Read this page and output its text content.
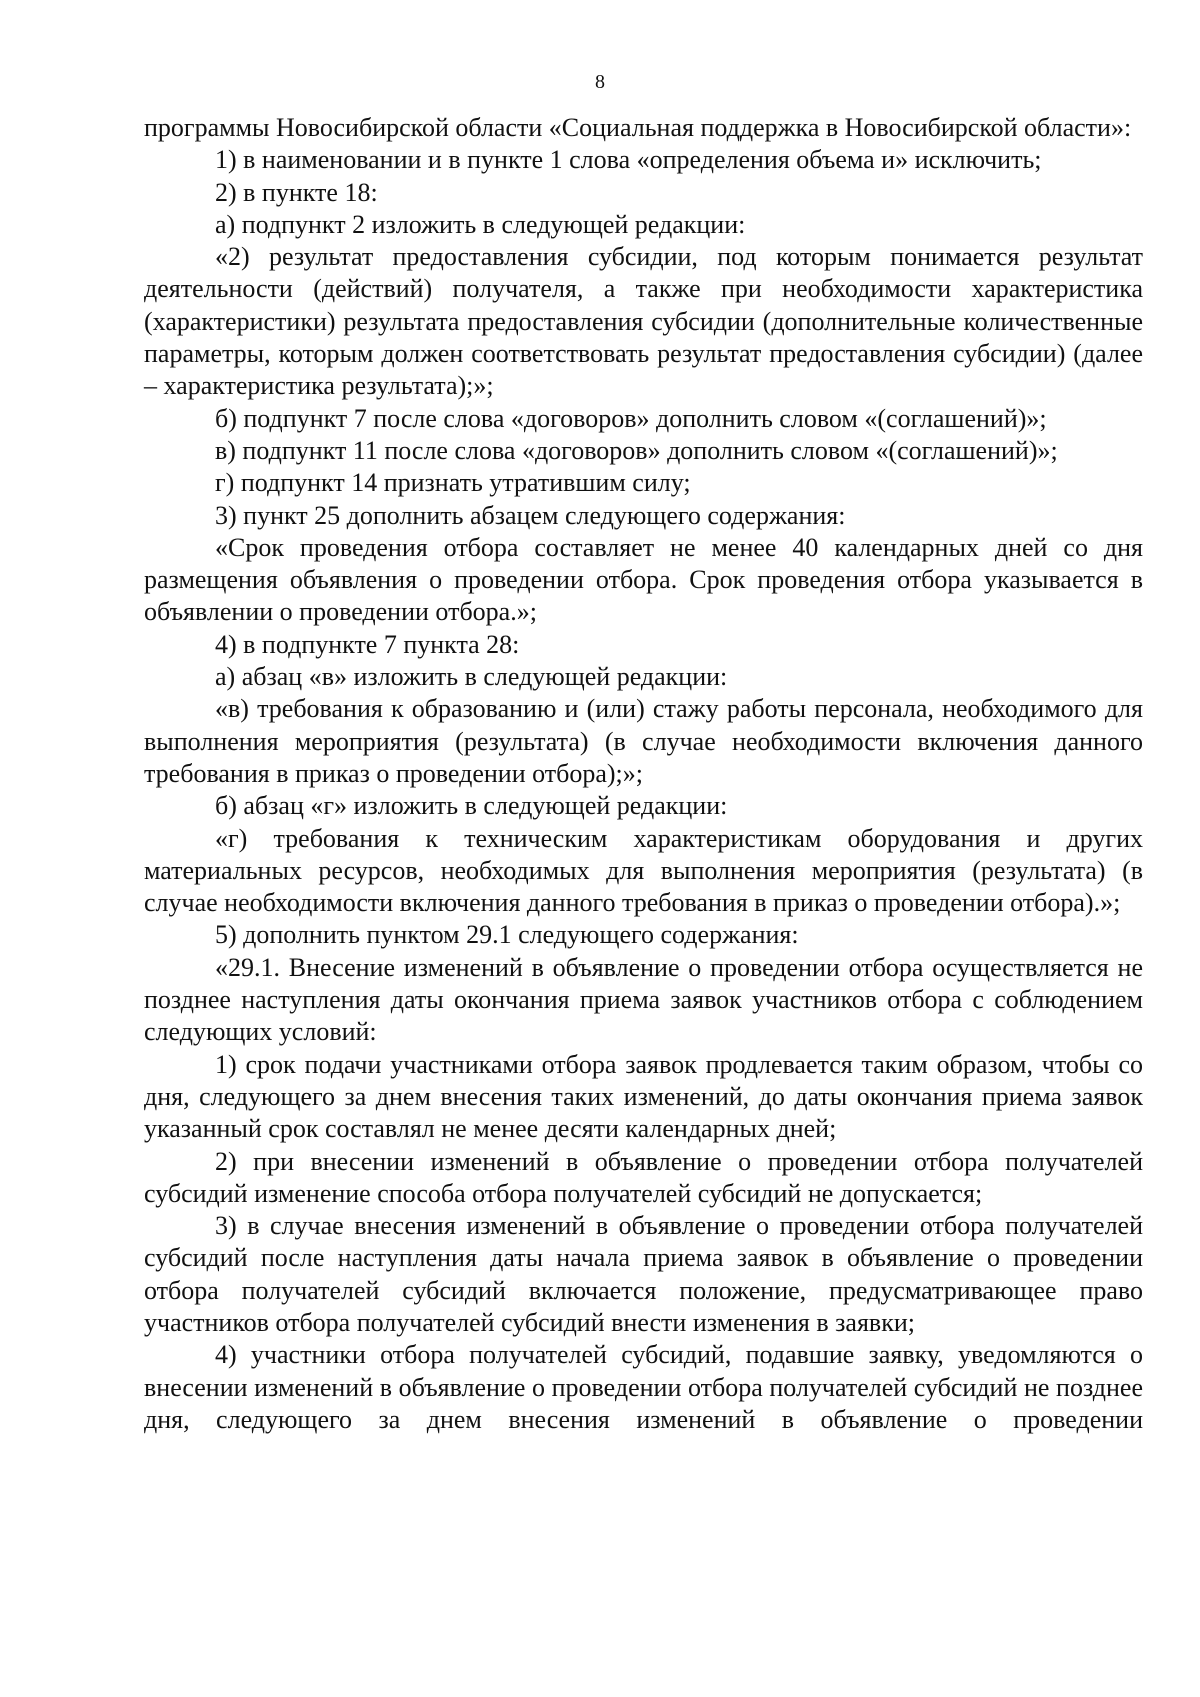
8

программы Новосибирской области «Социальная поддержка в Новосибирской области»:

1) в наименовании и в пункте 1 слова «определения объема и» исключить;

2) в пункте 18:

а) подпункт 2 изложить в следующей редакции:

«2) результат предоставления субсидии, под которым понимается результат деятельности (действий) получателя, а также при необходимости характеристика (характеристики) результата предоставления субсидии (дополнительные количественные параметры, которым должен соответствовать результат предоставления субсидии) (далее – характеристика результата);»;

б) подпункт 7 после слова «договоров» дополнить словом «(соглашений)»;

в) подпункт 11 после слова «договоров» дополнить словом «(соглашений)»;

г) подпункт 14 признать утратившим силу;

3) пункт 25 дополнить абзацем следующего содержания:

«Срок проведения отбора составляет не менее 40 календарных дней со дня размещения объявления о проведении отбора. Срок проведения отбора указывается в объявлении о проведении отбора.»;

4) в подпункте 7 пункта 28:

а) абзац «в» изложить в следующей редакции:

«в) требования к образованию и (или) стажу работы персонала, необходимого для выполнения мероприятия (результата) (в случае необходимости включения данного требования в приказ о проведении отбора);»;

б) абзац «г» изложить в следующей редакции:

«г) требования к техническим характеристикам оборудования и других материальных ресурсов, необходимых для выполнения мероприятия (результата) (в случае необходимости включения данного требования в приказ о проведении отбора).»;

5) дополнить пунктом 29.1 следующего содержания:

«29.1. Внесение изменений в объявление о проведении отбора осуществляется не позднее наступления даты окончания приема заявок участников отбора с соблюдением следующих условий:

1) срок подачи участниками отбора заявок продлевается таким образом, чтобы со дня, следующего за днем внесения таких изменений, до даты окончания приема заявок указанный срок составлял не менее десяти календарных дней;

2) при внесении изменений в объявление о проведении отбора получателей субсидий изменение способа отбора получателей субсидий не допускается;

3) в случае внесения изменений в объявление о проведении отбора получателей субсидий после наступления даты начала приема заявок в объявление о проведении отбора получателей субсидий включается положение, предусматривающее право участников отбора получателей субсидий внести изменения в заявки;

4) участники отбора получателей субсидий, подавшие заявку, уведомляются о внесении изменений в объявление о проведении отбора получателей субсидий не позднее дня, следующего за днем внесения изменений в объявление о проведении
